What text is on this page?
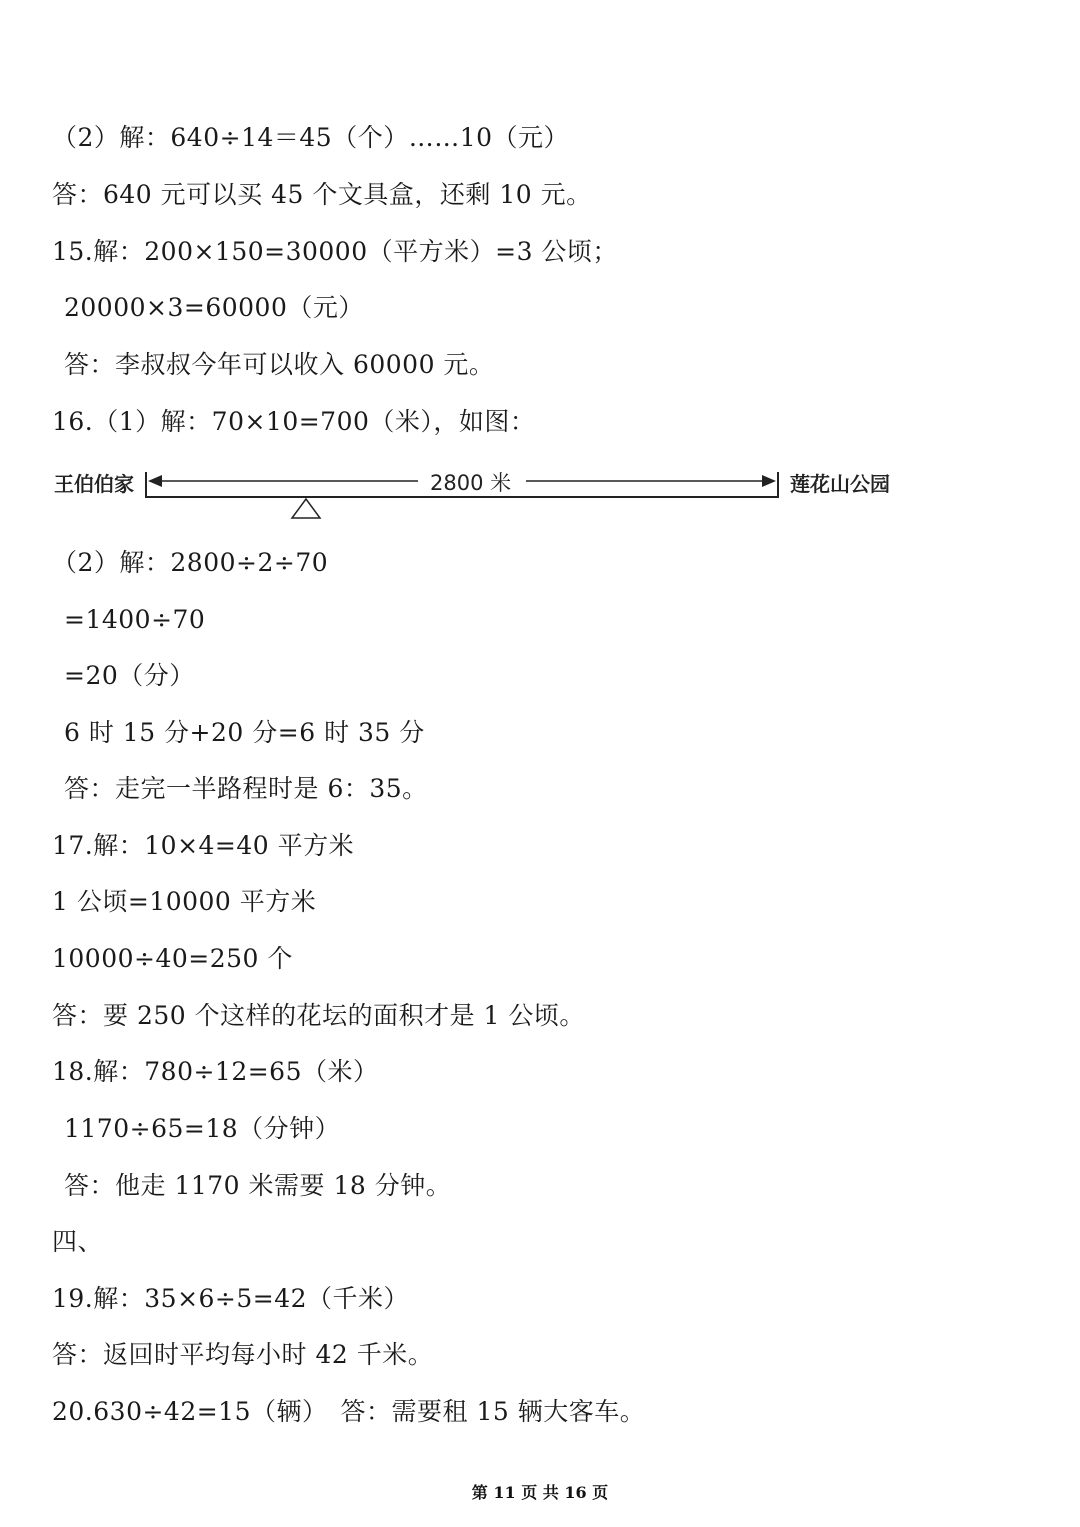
（2）解：640÷14＝45（个）……10（元）
答：640 元可以买 45 个文具盒，还剩 10 元。
15.解：200×150=30000（平方米）=3 公顷；
20000×3=60000（元）
答：李叔叔今年可以收入 60000 元。
16.（1）解：70×10=700（米），如图：
王伯伯家	莲花山公园
2800 米
（2）解：2800÷2÷70
=1400÷70
=20（分）
6 时 15 分+20 分=6 时 35 分
答：走完一半路程时是 6：35。
17.解：10×4=40 平方米
1 公顷=10000 平方米
10000÷40=250 个
答：要 250 个这样的花坛的面积才是 1 公顷。
18.解：780÷12=65（米）
1170÷65=18（分钟）
答：他走 1170 米需要 18 分钟。
四、
19.解：35×6÷5=42（千米）
答：返回时平均每小时 42 千米。
20.630÷42=15（辆）　答：需要租 15 辆大客车。
第 11 页 共 16 页
